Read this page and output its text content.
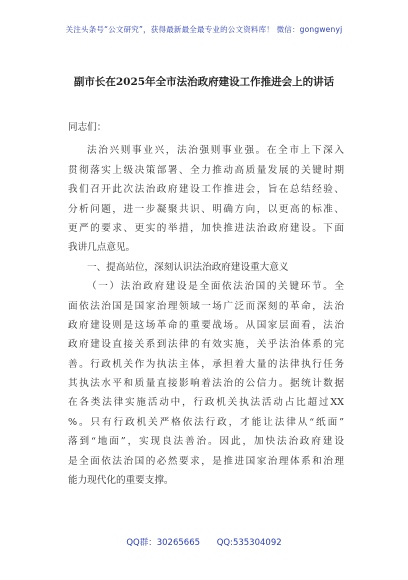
关注头条号“公文研究”，获得最新最全最专业的公文资料库！ 微信：gongwenyj
副市长在2025年全市法治政府建设工作推进会上的讲话
同志们：
法治兴则事业兴，法治强则事业强。在全市上下深入
贯彻落实上级决策部署、全力推动高质量发展的关键时期
我们召开此次法治政府建设工作推进会，旨在总结经验、
分析问题，进一步凝聚共识、明确方向，以更高的标准、
更严的要求、更实的举措，加快推进法治政府建设。下面
我讲几点意见。
一、提高站位，深刻认识法治政府建设重大意义
（一）法治政府建设是全面依法治国的关键环节。全
面依法治国是国家治理领域一场广泛而深刻的革命，法治
政府建设则是这场革命的重要战场。从国家层面看，法治
政府建设直接关系到法律的有效实施，关乎法治体系的完
善。行政机关作为执法主体，承担着大量的法律执行任务
其执法水平和质量直接影响着法治的公信力。据统计数据
在各类法律实施活动中，行政机关执法活动占比超过XX
%。只有行政机关严格依法行政，才能让法律从“纸面”
落到“地面”，实现良法善治。因此，加快法治政府建设
是全面依法治国的必然要求，是推进国家治理体系和治理
能力现代化的重要支撑。
QQ群：30265665 QQ:535304092
